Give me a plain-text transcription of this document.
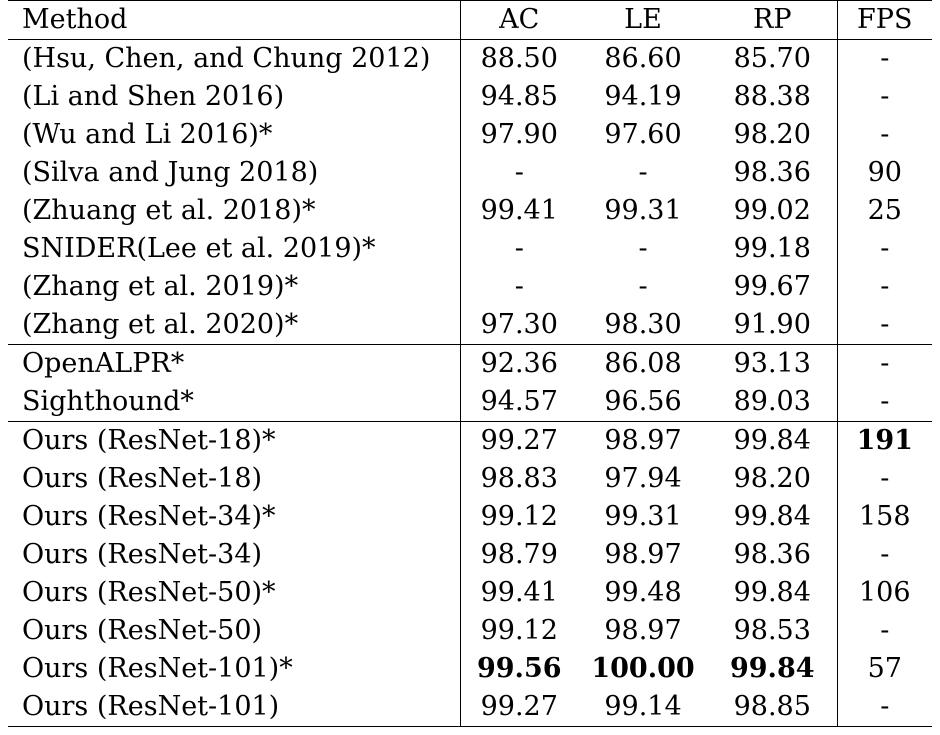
Method	AC	LE	RP	FPS
(Hsu, Chen, and Chung 2012)	88.50	86.60	85.70	-
(Li and Shen 2016)	94.85	94.19	88.38	-
(Wu and Li 2016)*	97.90	97.60	98.20	-
(Silva and Jung 2018)	-	-	98.36	90
(Zhuang et al. 2018)*	99.41	99.31	99.02	25
SNIDER(Lee et al. 2019)*	-	-	99.18	-
(Zhang et al. 2019)*	-	-	99.67	-
(Zhang et al. 2020)*	97.30	98.30	91.90	-
OpenALPR*	92.36	86.08	93.13	-
Sighthound*	94.57	96.56	89.03	-
Ours (ResNet-18)*	99.27	98.97	99.84	191
Ours (ResNet-18)	98.83	97.94	98.20	-
Ours (ResNet-34)*	99.12	99.31	99.84	158
Ours (ResNet-34)	98.79	98.97	98.36	-
Ours (ResNet-50)*	99.41	99.48	99.84	106
Ours (ResNet-50)	99.12	98.97	98.53	-
Ours (ResNet-101)*	99.56	100.00	99.84	57
Ours (ResNet-101)	99.27	99.14	98.85	-
